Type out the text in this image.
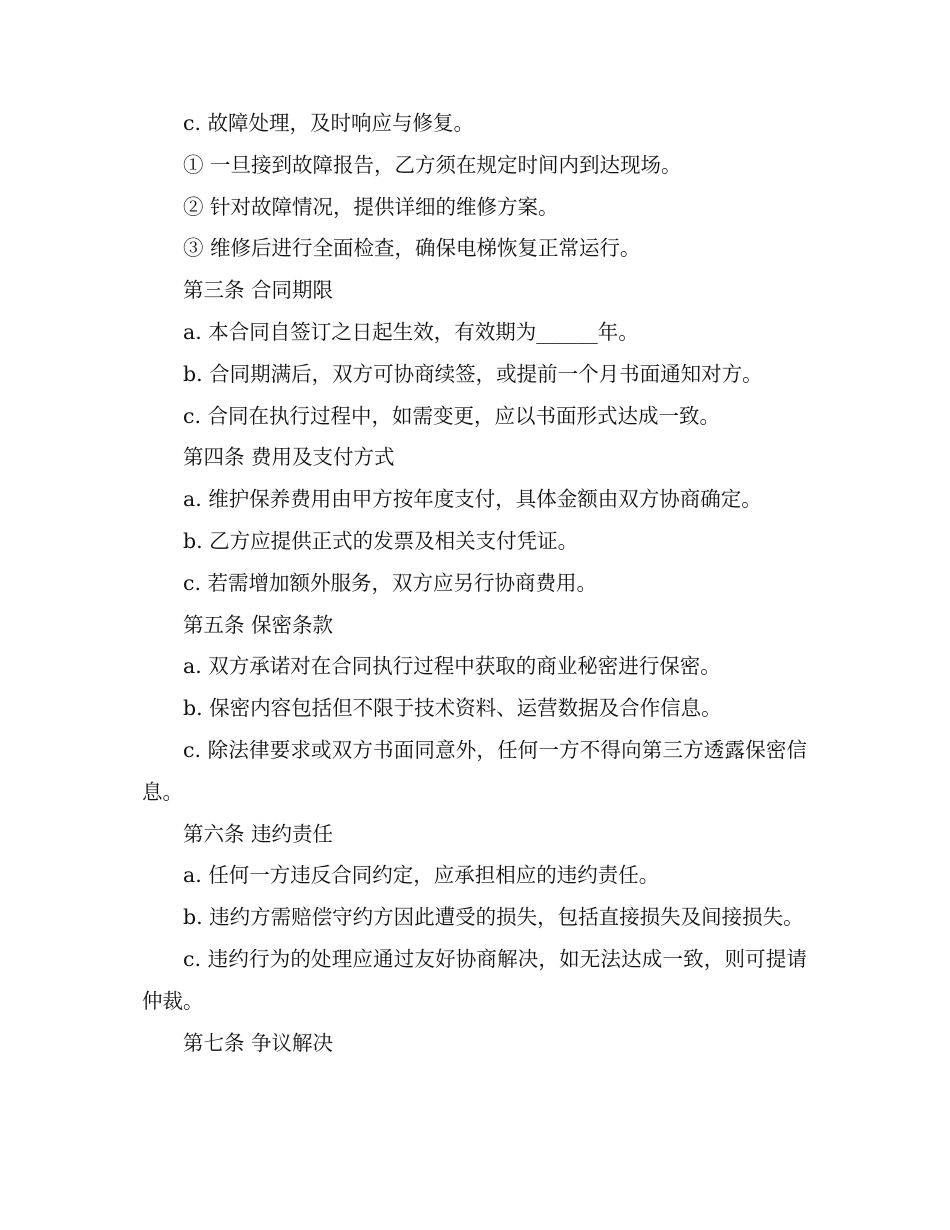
c. 故障处理，及时响应与修复。

① 一旦接到故障报告，乙方须在规定时间内到达现场。

② 针对故障情况，提供详细的维修方案。

③ 维修后进行全面检查，确保电梯恢复正常运行。

第三条 合同期限

a. 本合同自签订之日起生效，有效期为______年。

b. 合同期满后，双方可协商续签，或提前一个月书面通知对方。

c. 合同在执行过程中，如需变更，应以书面形式达成一致。

第四条 费用及支付方式

a. 维护保养费用由甲方按年度支付，具体金额由双方协商确定。

b. 乙方应提供正式的发票及相关支付凭证。

c. 若需增加额外服务，双方应另行协商费用。

第五条 保密条款

a. 双方承诺对在合同执行过程中获取的商业秘密进行保密。

b. 保密内容包括但不限于技术资料、运营数据及合作信息。

c. 除法律要求或双方书面同意外，任何一方不得向第三方透露保密信息。

第六条 违约责任

a. 任何一方违反合同约定，应承担相应的违约责任。

b. 违约方需赔偿守约方因此遭受的损失，包括直接损失及间接损失。

c. 违约行为的处理应通过友好协商解决，如无法达成一致，则可提请仲裁。

第七条 争议解决
